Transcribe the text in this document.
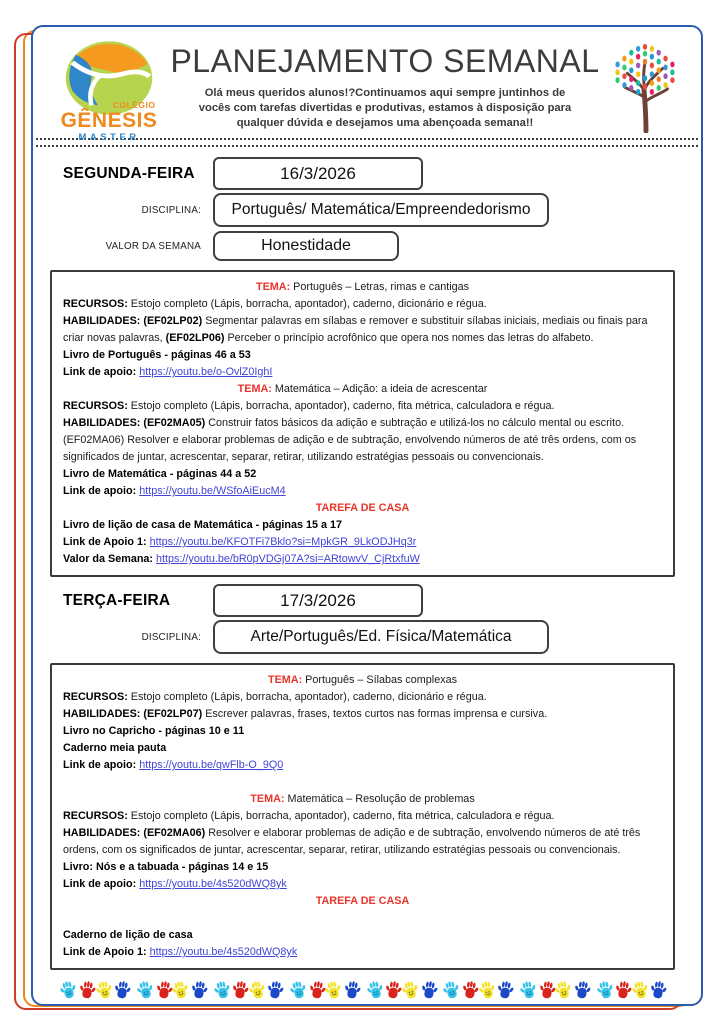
COLÉGIO
GÊNESIS
MASTER
PLANEJAMENTO SEMANAL

Olá meus queridos alunos!?Continuamos aqui sempre juntinhos de vocês com tarefas divertidas e produtivas, estamos à disposição para qualquer dúvida e desejamos uma abençoada semana!!

SEGUNDA-FEIRA	16/3/2026
DISCIPLINA:	Português/ Matemática/Empreendedorismo
VALOR DA SEMANA	Honestidade
TEMA: Português – Letras, rimas e cantigas
RECURSOS: Estojo completo (Lápis, borracha, apontador), caderno, dicionário e régua.
HABILIDADES: (EF02LP02) Segmentar palavras em sílabas e remover e substituir sílabas iniciais, mediais ou finais para criar novas palavras, (EF02LP06) Perceber o princípio acrofônico que opera nos nomes das letras do alfabeto.
Livro de Português - páginas 46 a 53
Link de apoio: https://youtu.be/o-OvlZ0IghI
TEMA: Matemática – Adição: a ideia de acrescentar
RECURSOS: Estojo completo (Lápis, borracha, apontador), caderno, fita métrica, calculadora e régua.
HABILIDADES: (EF02MA05) Construir fatos básicos da adição e subtração e utilizá-los no cálculo mental ou escrito.
(EF02MA06) Resolver e elaborar problemas de adição e de subtração, envolvendo números de até três ordens, com os significados de juntar, acrescentar, separar, retirar, utilizando estratégias pessoais ou convencionais.
Livro de Matemática - páginas 44 a 52
Link de apoio: https://youtu.be/WSfoAiEucM4
TAREFA DE CASA
Livro de lição de casa de Matemática - páginas 15 a 17
Link de Apoio 1: https://youtu.be/KFOTFi7Bklo?si=MpkGR_9LkODJHq3r
Valor da Semana: https://youtu.be/bR0pVDGj07A?si=ARtowvV_CjRtxfuW
TERÇA-FEIRA	17/3/2026
DISCIPLINA:	Arte/Português/Ed. Física/Matemática
TEMA: Português – Sílabas complexas
RECURSOS: Estojo completo (Lápis, borracha, apontador), caderno, dicionário e régua.
HABILIDADES: (EF02LP07) Escrever palavras, frases, textos curtos nas formas imprensa e cursiva.
Livro no Capricho - páginas 10 e 11
Caderno meia pauta
Link de apoio: https://youtu.be/qwFlb-O_9Q0

TEMA: Matemática – Resolução de problemas
RECURSOS: Estojo completo (Lápis, borracha, apontador), caderno, fita métrica, calculadora e régua.
HABILIDADES: (EF02MA06) Resolver e elaborar problemas de adição e de subtração, envolvendo números de até três ordens, com os significados de juntar, acrescentar, separar, retirar, utilizando estratégias pessoais ou convencionais.
Livro: Nós e a tabuada - páginas 14 e 15
Link de apoio: https://youtu.be/4s520dWQ8yk
TAREFA DE CASA

Caderno de lição de casa
Link de Apoio 1: https://youtu.be/4s520dWQ8yk
